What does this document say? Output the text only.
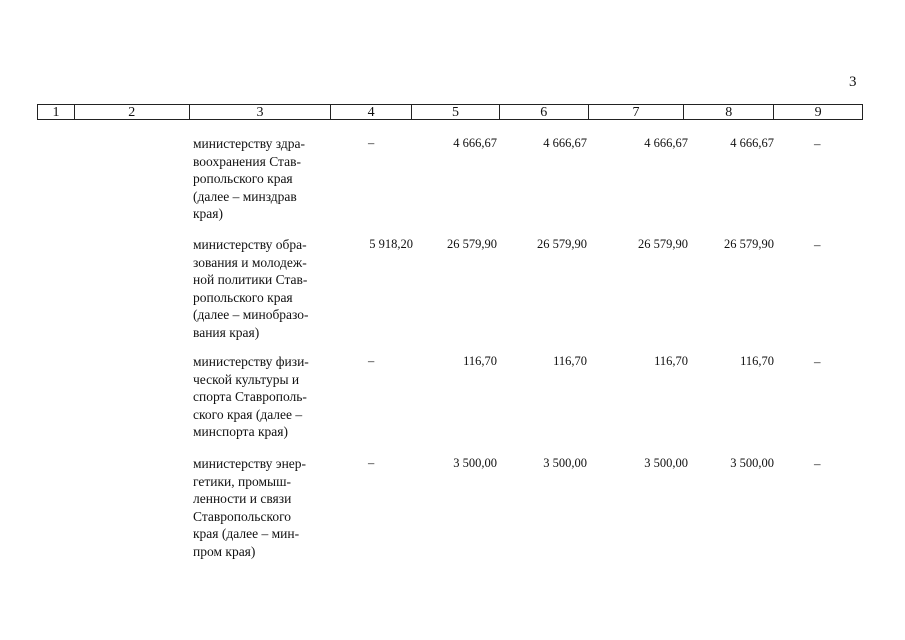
3
1	2	3	4	5	6	7	8	9
министерству здра-
воохранения Став-
ропольского края
(далее – минздрав
края)
–	4 666,67	4 666,67	4 666,67	4 666,67	–
министерству обра-
зования и молодеж-
ной политики Став-
ропольского края
(далее – минобразо-
вания края)
5 918,20	26 579,90	26 579,90	26 579,90	26 579,90	–
министерству физи-
ческой культуры и
спорта Ставрополь-
ского края (далее –
минспорта края)
–	116,70	116,70	116,70	116,70	–
министерству энер-
гетики, промыш-
ленности и связи
Ставропольского
края (далее – мин-
пром края)
–	3 500,00	3 500,00	3 500,00	3 500,00	–
